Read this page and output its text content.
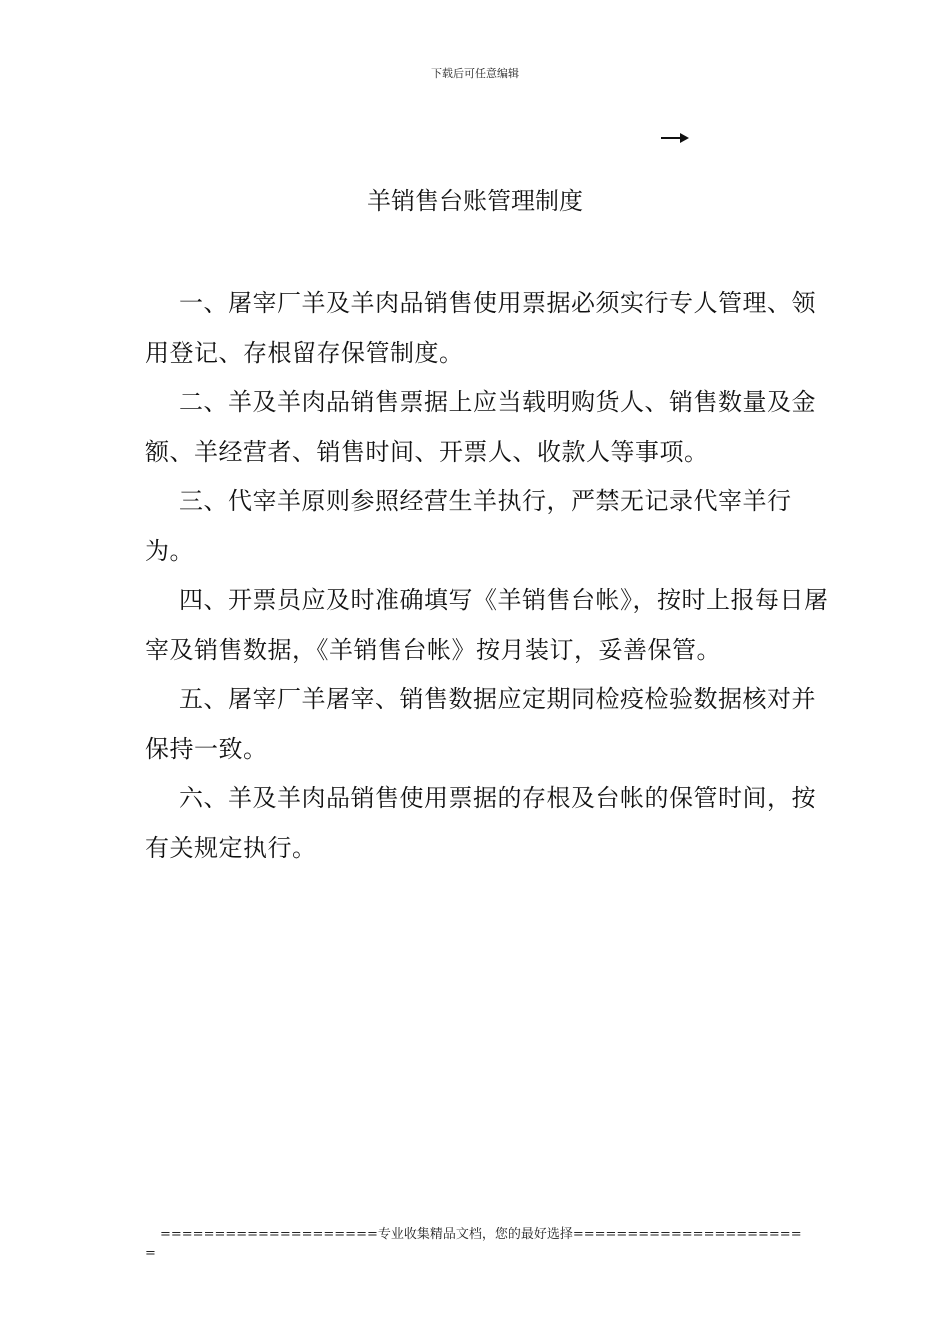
下载后可任意编辑
羊销售台账管理制度

一、屠宰厂羊及羊肉品销售使用票据必须实行专人管理、领用登记、存根留存保管制度。

二、羊及羊肉品销售票据上应当载明购货人、销售数量及金额、羊经营者、销售时间、开票人、收款人等事项。

三、代宰羊原则参照经营生羊执行，严禁无记录代宰羊行为。

四、开票员应及时准确填写《羊销售台帐》，按时上报每日屠宰及销售数据，《羊销售台帐》按月装订，妥善保管。

五、屠宰厂羊屠宰、销售数据应定期同检疫检验数据核对并保持一致。

六、羊及羊肉品销售使用票据的存根及台帐的保管时间，按有关规定执行。

====================专业收集精品文档，您的最好选择=====================
=
